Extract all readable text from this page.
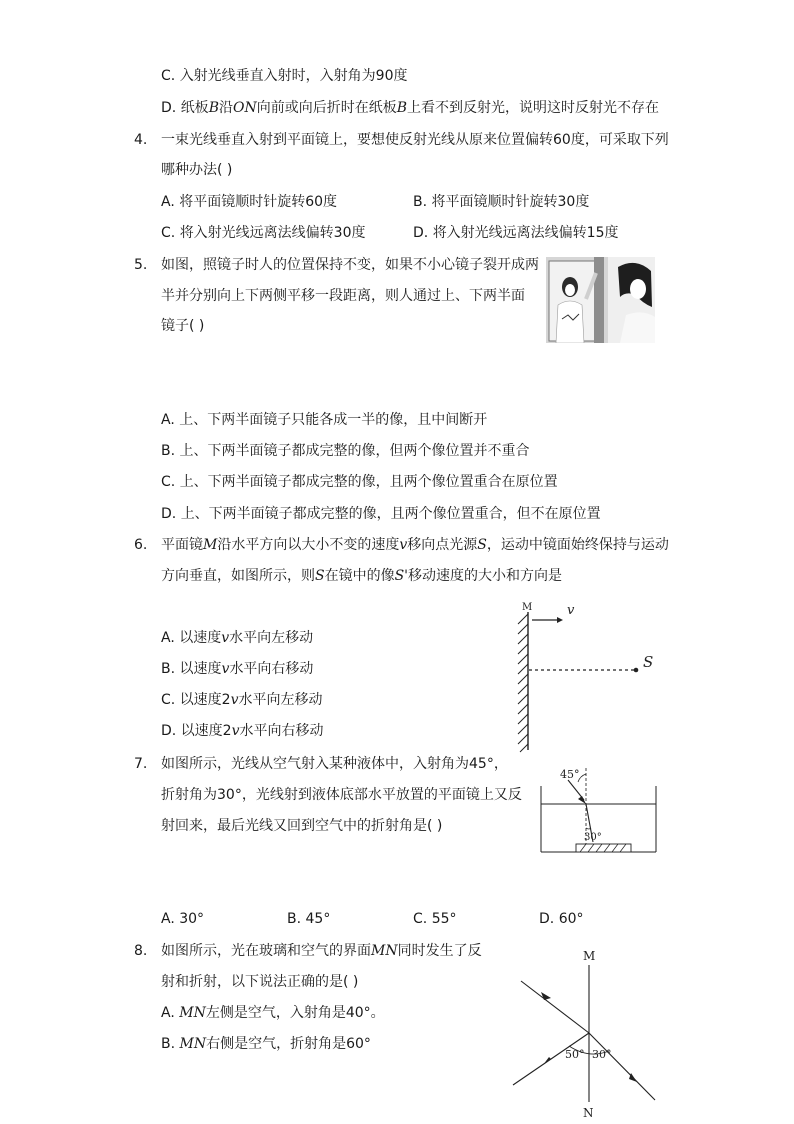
C. 入射光线垂直入射时，入射角为90度
D. 纸板B沿ON向前或向后折时在纸板B上看不到反射光，说明这时反射光不存在
4. 一束光线垂直入射到平面镜上，要想使反射光线从原来位置偏转60度，可采取下列
哪种办法( )
A. 将平面镜顺时针旋转60度	B. 将平面镜顺时针旋转30度
C. 将入射光线远离法线偏转30度	D. 将入射光线远离法线偏转15度
5. 如图，照镜子时人的位置保持不变，如果不小心镜子裂开成两
半并分别向上下两侧平移一段距离，则人通过上、下两半面
镜子( )
A. 上、下两半面镜子只能各成一半的像，且中间断开
B. 上、下两半面镜子都成完整的像，但两个像位置并不重合
C. 上、下两半面镜子都成完整的像，且两个像位置重合在原位置
D. 上、下两半面镜子都成完整的像，且两个像位置重合，但不在原位置
6. 平面镜M沿水平方向以大小不变的速度v移向点光源S，运动中镜面始终保持与运动
方向垂直，如图所示，则S在镜中的像S'移动速度的大小和方向是
A. 以速度v水平向左移动
B. 以速度v水平向右移动
C. 以速度2v水平向左移动
D. 以速度2v水平向右移动
M	v
S
7. 如图所示，光线从空气射入某种液体中，入射角为45°，
折射角为30°，光线射到液体底部水平放置的平面镜上又反
射回来，最后光线又回到空气中的折射角是( )
45°
30°
A. 30°	B. 45°	C. 55°	D. 60°
8. 如图所示，光在玻璃和空气的界面MN同时发生了反
射和折射，以下说法正确的是( )
A. MN左侧是空气，入射角是40°。
B. MN右侧是空气，折射角是60°
M
N
50° 30°
